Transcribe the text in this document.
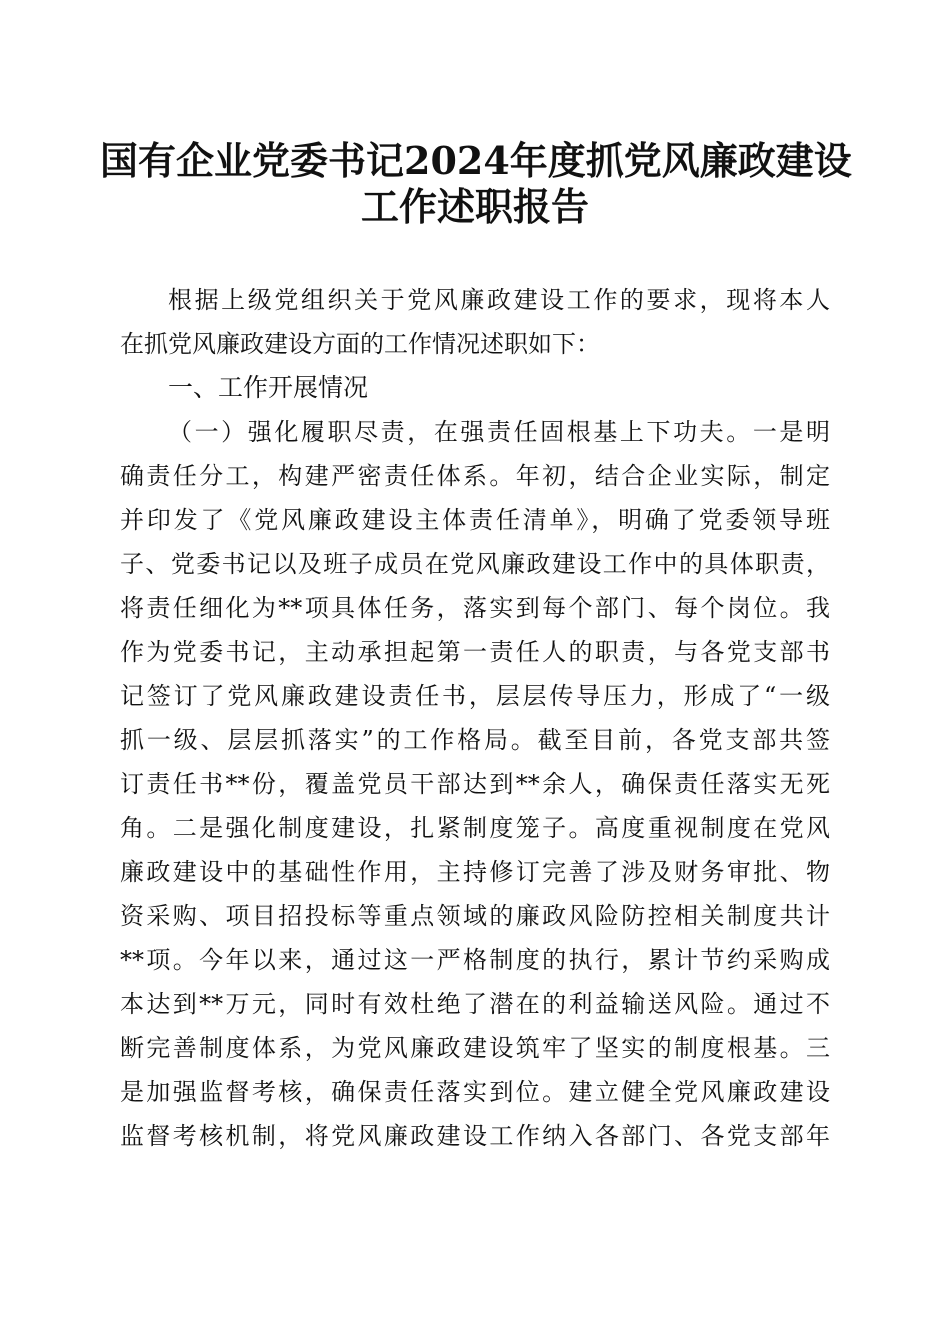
国有企业党委书记2024年度抓党风廉政建设
工作述职报告
根据上级党组织关于党风廉政建设工作的要求，现将本人
在抓党风廉政建设方面的工作情况述职如下：
一、工作开展情况
（一）强化履职尽责，在强责任固根基上下功夫。一是明
确责任分工，构建严密责任体系。年初，结合企业实际，制定
并印发了《党风廉政建设主体责任清单》，明确了党委领导班
子、党委书记以及班子成员在党风廉政建设工作中的具体职责，
将责任细化为**项具体任务，落实到每个部门、每个岗位。我
作为党委书记，主动承担起第一责任人的职责，与各党支部书
记签订了党风廉政建设责任书，层层传导压力，形成了“一级
抓一级、层层抓落实”的工作格局。截至目前，各党支部共签
订责任书**份，覆盖党员干部达到**余人，确保责任落实无死
角。二是强化制度建设，扎紧制度笼子。高度重视制度在党风
廉政建设中的基础性作用，主持修订完善了涉及财务审批、物
资采购、项目招投标等重点领域的廉政风险防控相关制度共计
**项。今年以来，通过这一严格制度的执行，累计节约采购成
本达到**万元，同时有效杜绝了潜在的利益输送风险。通过不
断完善制度体系，为党风廉政建设筑牢了坚实的制度根基。三
是加强监督考核，确保责任落实到位。建立健全党风廉政建设
监督考核机制，将党风廉政建设工作纳入各部门、各党支部年
